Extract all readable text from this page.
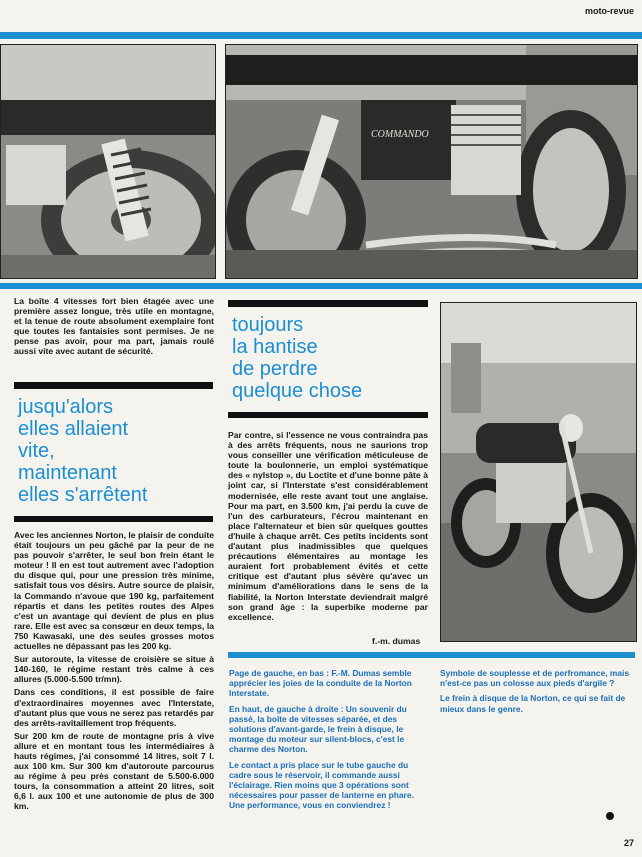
moto-revue
COMMANDO
La boîte 4 vitesses fort bien étagée avec une première assez longue, très utile en montagne, et la tenue de route absolument exemplaire font que toutes les fantaisies sont permises. Je ne pense pas avoir, pour ma part, jamais roulé aussi vite avec autant de sécurité.
jusqu'alors
elles allaient
vite,
maintenant
elles s'arrêtent

Avec les anciennes Norton, le plaisir de conduite était toujours un peu gâché par la peur de ne pas pouvoir s'arrêter, le seul bon frein étant le moteur ! Il en est tout autrement avec l'adoption du disque qui, pour une pression très minime, satisfait tous vos désirs. Autre source de plaisir, la Commando n'avoue que 190 kg, parfaitement répartis et dans les petites routes des Alpes c'est un avantage qui devient de plus en plus rare. Elle est avec sa consœur en deux temps, la 750 Kawasaki, une des seules grosses motos actuelles ne dépassant pas les 200 kg.

Sur autoroute, la vitesse de croisière se situe à 140-160, le régime restant très calme à ces allures (5.000-5.500 tr/mn).

Dans ces conditions, il est possible de faire d'extraordinaires moyennes avec l'Interstate, d'autant plus que vous ne serez pas retardés par des arrêts-ravitaillement trop fréquents.

Sur 200 km de route de montagne pris à vive allure et en montant tous les intermédiaires à hauts régimes, j'ai consommé 14 litres, soit 7 l. aux 100 km. Sur 300 km d'autoroute parcourus au régime à peu près constant de 5.500-6.000 tours, la consommation a atteint 20 litres, soit 6,6 l. aux 100 et une autonomie de plus de 300 km.

toujours
la hantise
de perdre
quelque chose
Par contre, si l'essence ne vous contraindra pas à des arrêts fréquents, nous ne saurions trop vous conseiller une vérification méticuleuse de toute la boulonnerie, un emploi systématique des « nylstop », du Loctite et d'une bonne pâte à joint car, si l'Interstate s'est considérablement modernisée, elle reste avant tout une anglaise. Pour ma part, en 3.500 km, j'ai perdu la cuve de l'un des carburateurs, l'écrou maintenant en place l'alternateur et bien sûr quelques gouttes d'huile à chaque arrêt. Ces petits incidents sont d'autant plus inadmissibles que quelques précautions élémentaires au montage les auraient fort probablement évités et cette critique est d'autant plus sévère qu'avec un minimum d'améliorations dans le sens de la fiabilité, la Norton Interstate deviendrait malgré son grand âge : la superbike moderne par excellence.
f.-m. dumas

Page de gauche, en bas : F.-M. Dumas semble apprécier les joies de la conduite de la Norton Interstate.

En haut, de gauche à droite : Un souvenir du passé, la boîte de vitesses séparée, et des solutions d'avant-garde, le frein à disque, le montage du moteur sur silent-blocs, c'est le charme des Norton.

Le contact a pris place sur le tube gauche du cadre sous le réservoir, il commande aussi l'éclairage. Rien moins que 3 opérations sont nécessaires pour passer de lanterne en phare. Une performance, vous en conviendrez !

Symbole de souplesse et de perfromance, mais n'est-ce pas un colosse aux pieds d'argile ?

Le frein à disque de la Norton, ce qui se fait de mieux dans le genre.

27
